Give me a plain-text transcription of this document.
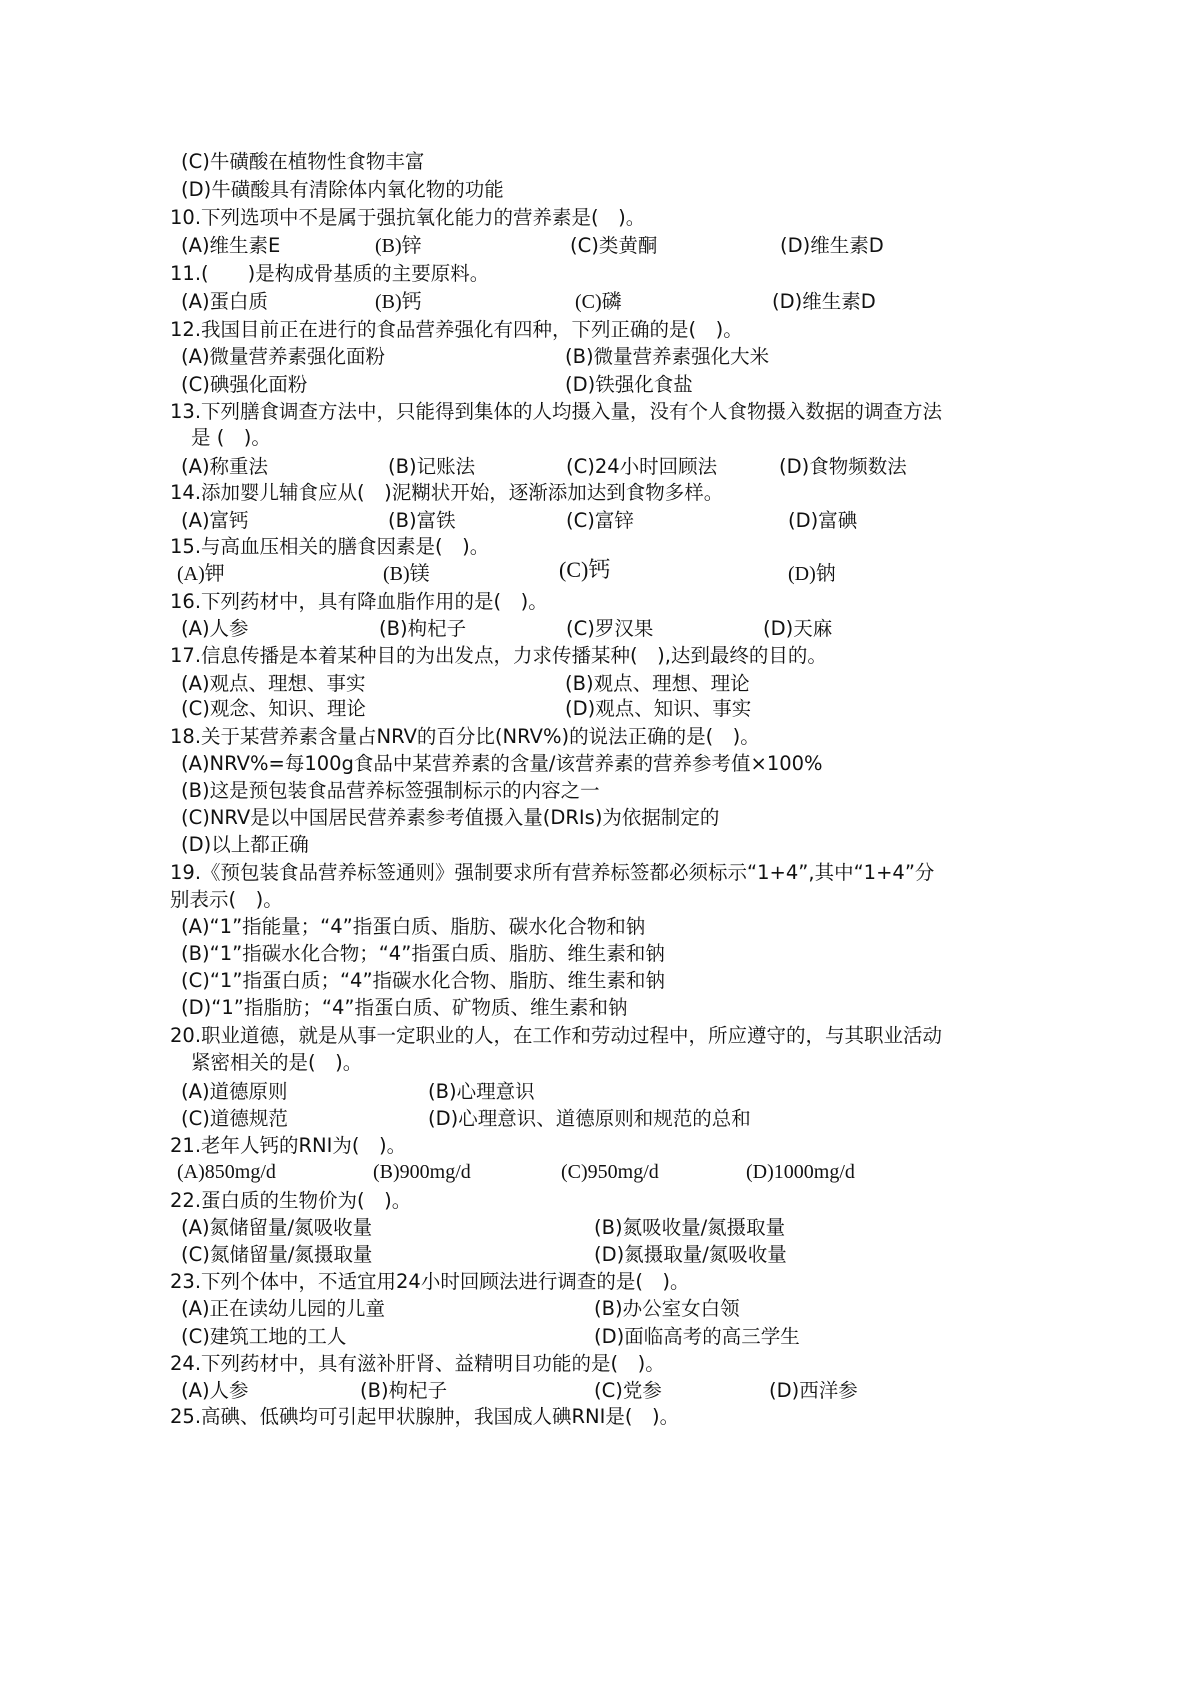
(C)牛磺酸在植物性食物丰富
(D)牛磺酸具有清除体内氧化物的功能
10.下列选项中不是属于强抗氧化能力的营养素是(　)。
(A)维生素E	(B)锌	(C)类黄酮	(D)维生素D
11.(　　)是构成骨基质的主要原料。
(A)蛋白质	(B)钙	(C)磷	(D)维生素D
12.我国目前正在进行的食品营养强化有四种，下列正确的是(　)。
(A)微量营养素强化面粉	(B)微量营养素强化大米
(C)碘强化面粉	(D)铁强化食盐
13.下列膳食调查方法中，只能得到集体的人均摄入量，没有个人食物摄入数据的调查方法
是 (　)。
(A)称重法	(B)记账法	(C)24小时回顾法	(D)食物频数法
14.添加婴儿辅食应从(　)泥糊状开始，逐渐添加达到食物多样。
(A)富钙	(B)富铁	(C)富锌	(D)富碘
15.与高血压相关的膳食因素是(　)。
(A)钾	(B)镁	(C)钙	(D)钠
16.下列药材中，具有降血脂作用的是(　)。
(A)人参	(B)枸杞子	(C)罗汉果	(D)天麻
17.信息传播是本着某种目的为出发点，力求传播某种(　),达到最终的目的。
(A)观点、理想、事实	(B)观点、理想、理论
(C)观念、知识、理论	(D)观点、知识、事实
18.关于某营养素含量占NRV的百分比(NRV%)的说法正确的是(　)。
(A)NRV%=每100g食品中某营养素的含量/该营养素的营养参考值×100%
(B)这是预包装食品营养标签强制标示的内容之一
(C)NRV是以中国居民营养素参考值摄入量(DRIs)为依据制定的
(D)以上都正确
19.《预包装食品营养标签通则》强制要求所有营养标签都必须标示“1+4”,其中“1+4”分
别表示(　)。
(A)“1”指能量；“4”指蛋白质、脂肪、碳水化合物和钠
(B)“1”指碳水化合物；“4”指蛋白质、脂肪、维生素和钠
(C)“1”指蛋白质；“4”指碳水化合物、脂肪、维生素和钠
(D)“1”指脂肪；“4”指蛋白质、矿物质、维生素和钠
20.职业道德，就是从事一定职业的人，在工作和劳动过程中，所应遵守的，与其职业活动
紧密相关的是(　)。
(A)道德原则	(B)心理意识
(C)道德规范	(D)心理意识、道德原则和规范的总和
21.老年人钙的RNI为(　)。
(A)850mg/d	(B)900mg/d	(C)950mg/d	(D)1000mg/d
22.蛋白质的生物价为(　)。
(A)氮储留量/氮吸收量	(B)氮吸收量/氮摄取量
(C)氮储留量/氮摄取量	(D)氮摄取量/氮吸收量
23.下列个体中，不适宜用24小时回顾法进行调查的是(　)。
(A)正在读幼儿园的儿童	(B)办公室女白领
(C)建筑工地的工人	(D)面临高考的高三学生
24.下列药材中，具有滋补肝肾、益精明目功能的是(　)。
(A)人参	(B)枸杞子	(C)党参	(D)西洋参
25.高碘、低碘均可引起甲状腺肿，我国成人碘RNI是(　)。
